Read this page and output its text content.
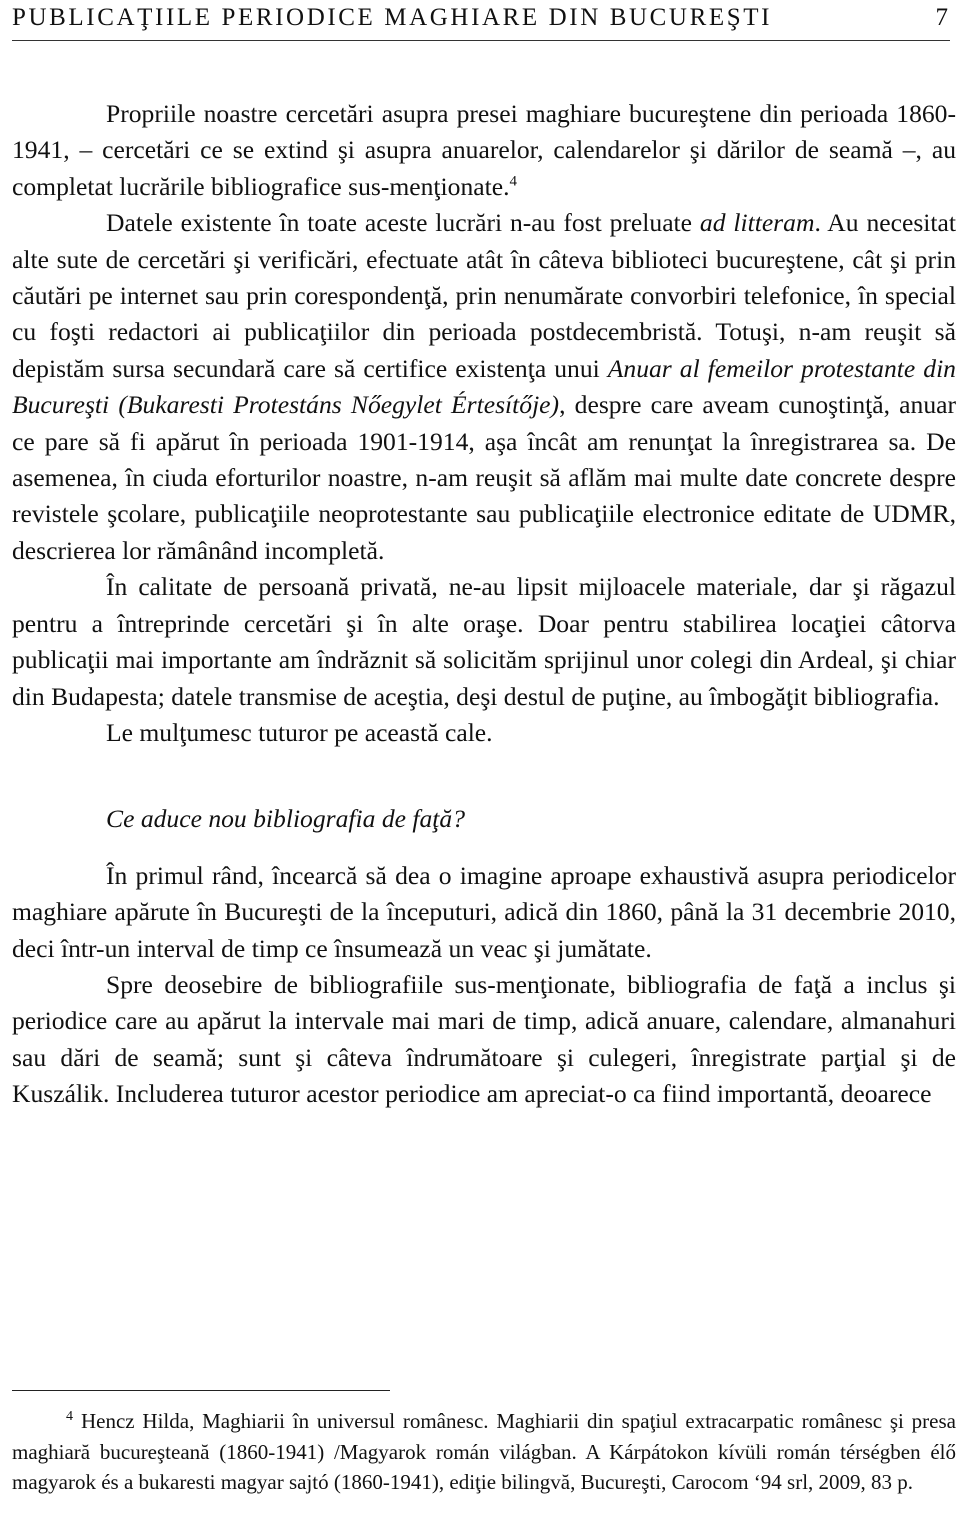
PUBLICAŢIILE PERIODICE MAGHIARE DIN BUCUREŞTI	7

Propriile noastre cercetări asupra presei maghiare bucureştene din perioada 1860-1941, – cercetări ce se extind şi asupra anuarelor, calendarelor şi dărilor de seamă –, au completat lucrările bibliografice sus-menţionate.$^4$

Datele existente în toate aceste lucrări n-au fost preluate ad litteram. Au necesitat alte sute de cercetări şi verificări, efectuate atât în câteva biblioteci bucureştene, cât şi prin căutări pe internet sau prin corespondenţă, prin nenumărate convorbiri telefonice, în special cu foşti redactori ai publicaţiilor din perioada postdecembristă. Totuşi, n-am reuşit să depistăm sursa secundară care să certifice existenţa unui Anuar al femeilor protestante din Bucureşti (Bukaresti Protestáns Nőegylet Értesítője), despre care aveam cunoştinţă, anuar ce pare să fi apărut în perioada 1901-1914, aşa încât am renunţat la înregistrarea sa. De asemenea, în ciuda eforturilor noastre, n-am reuşit să aflăm mai multe date concrete despre revistele şcolare, publicaţiile neoprotestante sau publicaţiile electronice editate de UDMR, descrierea lor rămânând incompletă.

În calitate de persoană privată, ne-au lipsit mijloacele materiale, dar şi răgazul pentru a întreprinde cercetări şi în alte oraşe. Doar pentru stabilirea locaţiei câtorva publicaţii mai importante am îndrăznit să solicităm sprijinul unor colegi din Ardeal, şi chiar din Budapesta; datele transmise de aceştia, deşi destul de puţine, au îmbogăţit bibliografia.

Le mulţumesc tuturor pe această cale.

Ce aduce nou bibliografia de faţă?

În primul rând, încearcă să dea o imagine aproape exhaustivă asupra periodicelor maghiare apărute în Bucureşti de la începuturi, adică din 1860, până la 31 decembrie 2010, deci într-un interval de timp ce însumează un veac şi jumătate.

Spre deosebire de bibliografiile sus-menţionate, bibliografia de faţă a inclus şi periodice care au apărut la intervale mai mari de timp, adică anuare, calendare, almanahuri sau dări de seamă; sunt şi câteva îndrumătoare şi culegeri, înregistrate parţial şi de Kuszálik. Includerea tuturor acestor periodice am apreciat-o ca fiind importantă, deoarece

$^4$ Hencz Hilda, Maghiarii în universul românesc. Maghiarii din spaţiul extracarpatic românesc şi presa maghiară bucureşteană (1860-1941) /Magyarok román világban. A Kárpátokon kívüli román térségben élő magyarok és a bukaresti magyar sajtó (1860-1941), ediţie bilingvă, Bucureşti, Carocom ‘94 srl, 2009, 83 p.
